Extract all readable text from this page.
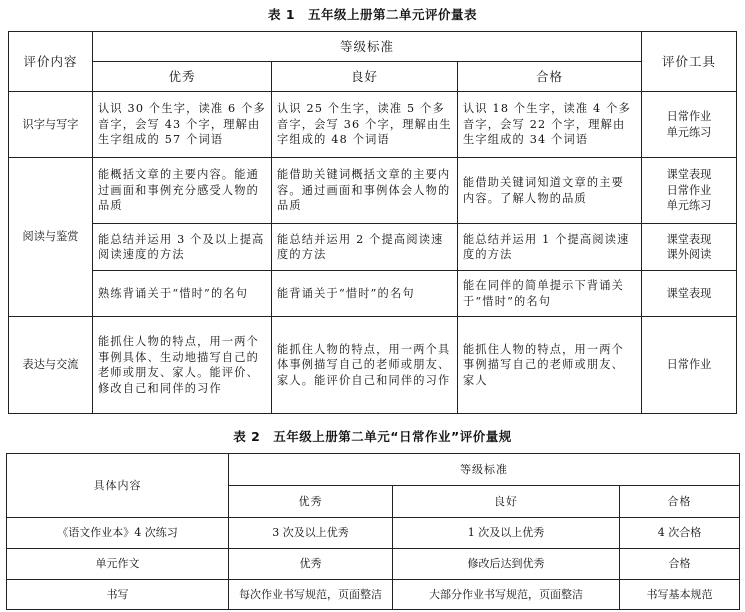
表 1　五年级上册第二单元评价量表
评价内容	等级标准			评价工具
	优秀	良好	合格	
识字与写字	认识 30 个生字，读准 6 个多音字，会写 43 个字，理解由生字组成的 57 个词语	认识 25 个生字，读准 5 个多音字，会写 36 个字，理解由生字组成的 48 个词语	认识 18 个生字，读准 4 个多音字，会写 22 个字，理解由生字组成的 34 个词语	日常作业
单元练习
阅读与鉴赏	能概括文章的主要内容。能通过画面和事例充分感受人物的品质	能借助关键词概括文章的主要内容。通过画面和事例体会人物的品质	能借助关键词知道文章的主要内容。了解人物的品质	课堂表现
日常作业
单元练习
	能总结并运用 3 个及以上提高阅读速度的方法	能总结并运用 2 个提高阅读速度的方法	能总结并运用 1 个提高阅读速度的方法	课堂表现
课外阅读
	熟练背诵关于“惜时”的名句	能背诵关于“惜时”的名句	能在同伴的简单提示下背诵关于“惜时”的名句	课堂表现
表达与交流	能抓住人物的特点，用一两个事例具体、生动地描写自己的老师或朋友、家人。能评价、修改自己和同伴的习作	能抓住人物的特点，用一两个具体事例描写自己的老师或朋友、家人。能评价自己和同伴的习作	能抓住人物的特点，用一两个事例描写自己的老师或朋友、家人	日常作业
表 2　五年级上册第二单元“日常作业”评价量规
具体内容	等级标准		
	优秀	良好	合格
《语文作业本》4 次练习	3 次及以上优秀	1 次及以上优秀	4 次合格
单元作文	优秀	修改后达到优秀	合格
书写	每次作业书写规范，页面整洁	大部分作业书写规范，页面整洁	书写基本规范
